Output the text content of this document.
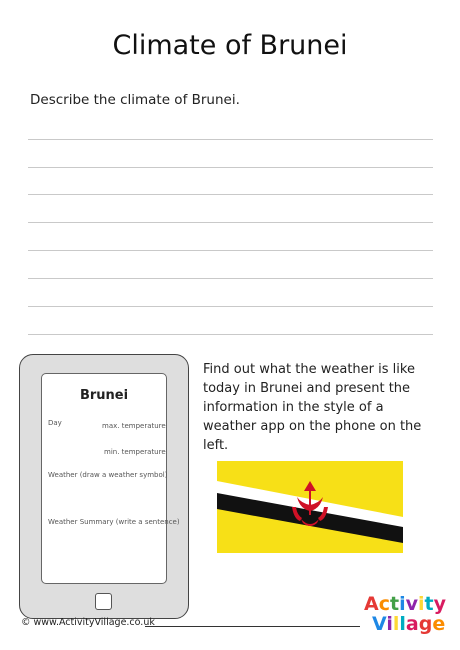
Climate of Brunei
Describe the climate of Brunei.
Brunei
Day	max. temperature
min. temperature
Weather (draw a weather symbol)
Weather Summary (write a sentence)
Find out what the weather is like today in Brunei and present the information in the style of a weather app on the phone on the left.
© www.ActivityVillage.co.uk
Activity
Village
